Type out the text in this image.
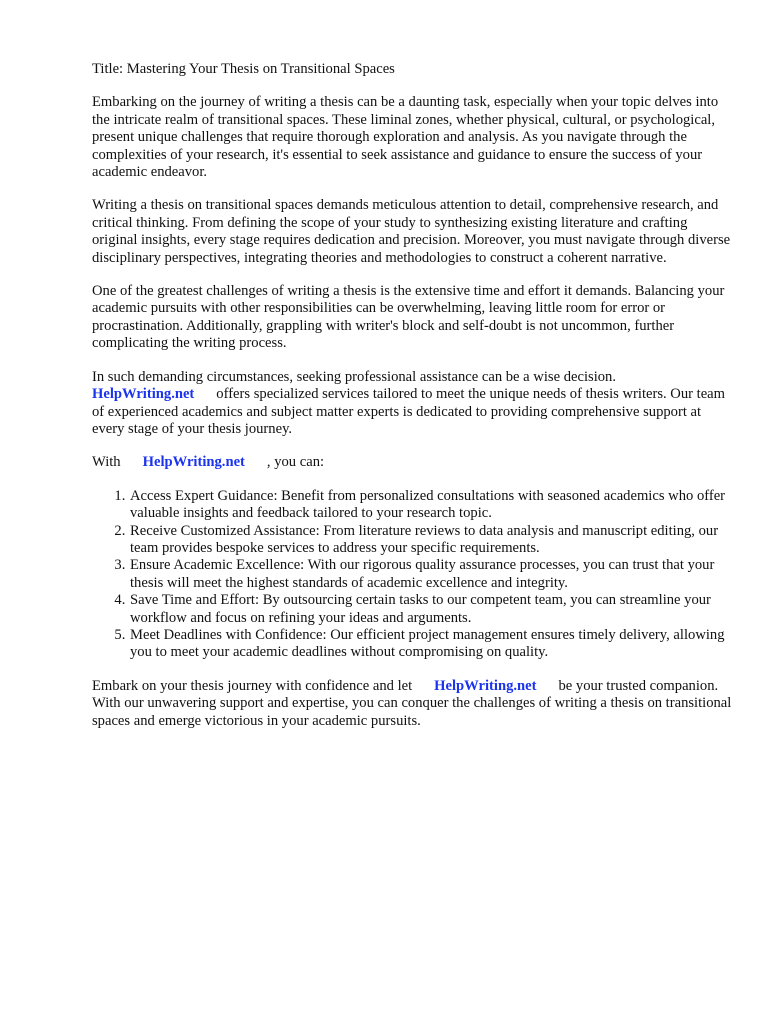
Title: Mastering Your Thesis on Transitional Spaces

Embarking on the journey of writing a thesis can be a daunting task, especially when your topic delves into the intricate realm of transitional spaces. These liminal zones, whether physical, cultural, or psychological, present unique challenges that require thorough exploration and analysis. As you navigate through the complexities of your research, it's essential to seek assistance and guidance to ensure the success of your academic endeavor.

Writing a thesis on transitional spaces demands meticulous attention to detail, comprehensive research, and critical thinking. From defining the scope of your study to synthesizing existing literature and crafting original insights, every stage requires dedication and precision. Moreover, you must navigate through diverse disciplinary perspectives, integrating theories and methodologies to construct a coherent narrative.

One of the greatest challenges of writing a thesis is the extensive time and effort it demands. Balancing your academic pursuits with other responsibilities can be overwhelming, leaving little room for error or procrastination. Additionally, grappling with writer's block and self-doubt is not uncommon, further complicating the writing process.

In such demanding circumstances, seeking professional assistance can be a wise decision.
HelpWriting.net offers specialized services tailored to meet the unique needs of thesis writers. Our team of experienced academics and subject matter experts is dedicated to providing comprehensive support at every stage of your thesis journey.

With HelpWriting.net , you can:

1. Access Expert Guidance: Benefit from personalized consultations with seasoned academics who offer valuable insights and feedback tailored to your research topic.
2. Receive Customized Assistance: From literature reviews to data analysis and manuscript editing, our team provides bespoke services to address your specific requirements.
3. Ensure Academic Excellence: With our rigorous quality assurance processes, you can trust that your thesis will meet the highest standards of academic excellence and integrity.
4. Save Time and Effort: By outsourcing certain tasks to our competent team, you can streamline your workflow and focus on refining your ideas and arguments.
5. Meet Deadlines with Confidence: Our efficient project management ensures timely delivery, allowing you to meet your academic deadlines without compromising on quality.

Embark on your thesis journey with confidence and let HelpWriting.net be your trusted companion. With our unwavering support and expertise, you can conquer the challenges of writing a thesis on transitional spaces and emerge victorious in your academic pursuits.
